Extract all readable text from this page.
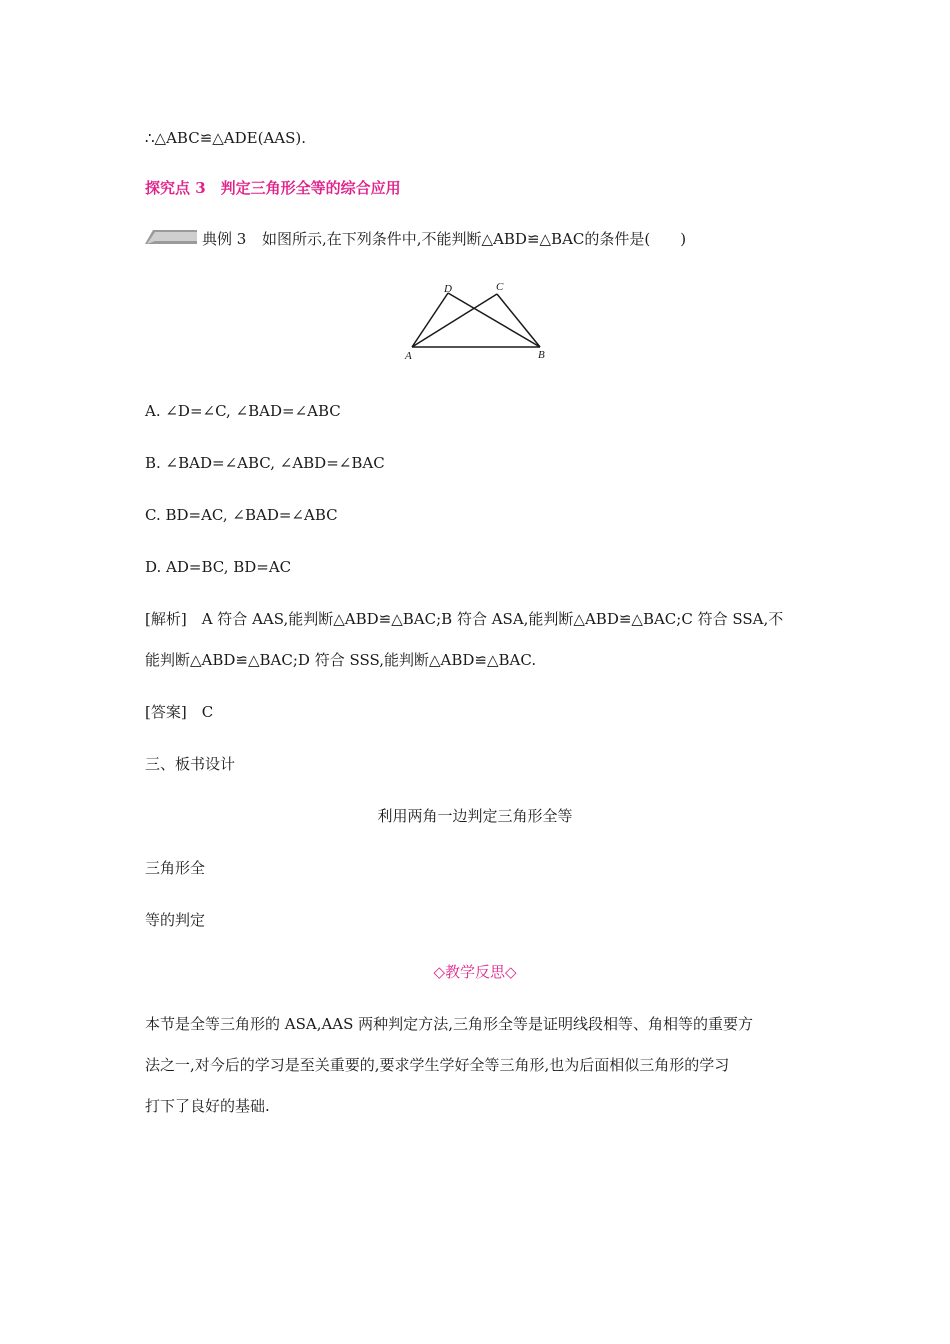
∴△ABC≌△ADE(AAS).
探究点 3　判定三角形全等的综合应用
典例 3 如图所示,在下列条件中,不能判断△ABD≌△BAC的条件是(　　)
A	B
C
D
A. ∠D=∠C, ∠BAD=∠ABC
B. ∠BAD=∠ABC, ∠ABD=∠BAC
C. BD=AC, ∠BAD=∠ABC
D. AD=BC, BD=AC
[解析]　A 符合 AAS,能判断△ABD≌△BAC;B 符合 ASA,能判断△ABD≌△BAC;C 符合 SSA,不
能判断△ABD≌△BAC;D 符合 SSS,能判断△ABD≌△BAC.
[答案]　C
三、板书设计
利用两角一边判定三角形全等
三角形全
等的判定
◇教学反思◇
本节是全等三角形的 ASA,AAS 两种判定方法,三角形全等是证明线段相等、角相等的重要方
法之一,对今后的学习是至关重要的,要求学生学好全等三角形,也为后面相似三角形的学习
打下了良好的基础.
